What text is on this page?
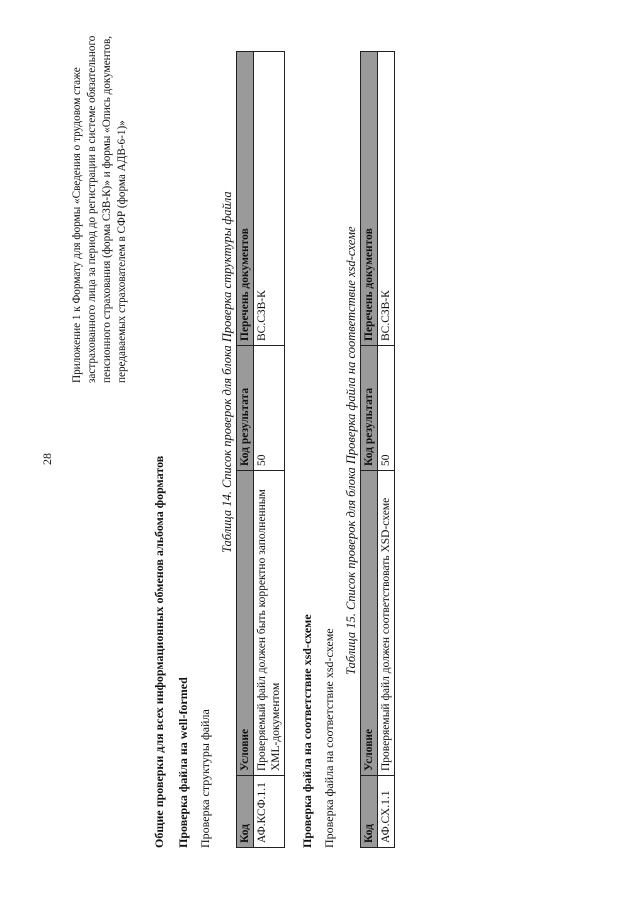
28
Приложение 1 к Формату для формы «Сведения о трудовом стаже застрахованного лица за период до регистрации в системе обязательного пенсионного страхования (форма СЗВ-К)» и формы «Опись документов, передаваемых страхователем в СФР (форма АДВ-6-1)»
Общие проверки для всех информационных обменов альбома форматов Проверка файла на well-formed Проверка структуры файла
Таблица 14. Список проверок для блока Проверка структуры файла
Код	Условие	Код результата	Перечень документов
АФ.КСФ.1.1	Проверяемый файл должен быть корректно заполненным XML-документом	50	ВС.СЗВ-К
Проверка файла на соответствие xsd-схеме Проверка файла на соответствие xsd-схеме
Таблица 15. Список проверок для блока Проверка файла на соответствие xsd-схеме
Код	Условие	Код результата	Перечень документов
АФ.СХ.1.1	Проверяемый файл должен соответствовать XSD-схеме	50	ВС.СЗВ-К
